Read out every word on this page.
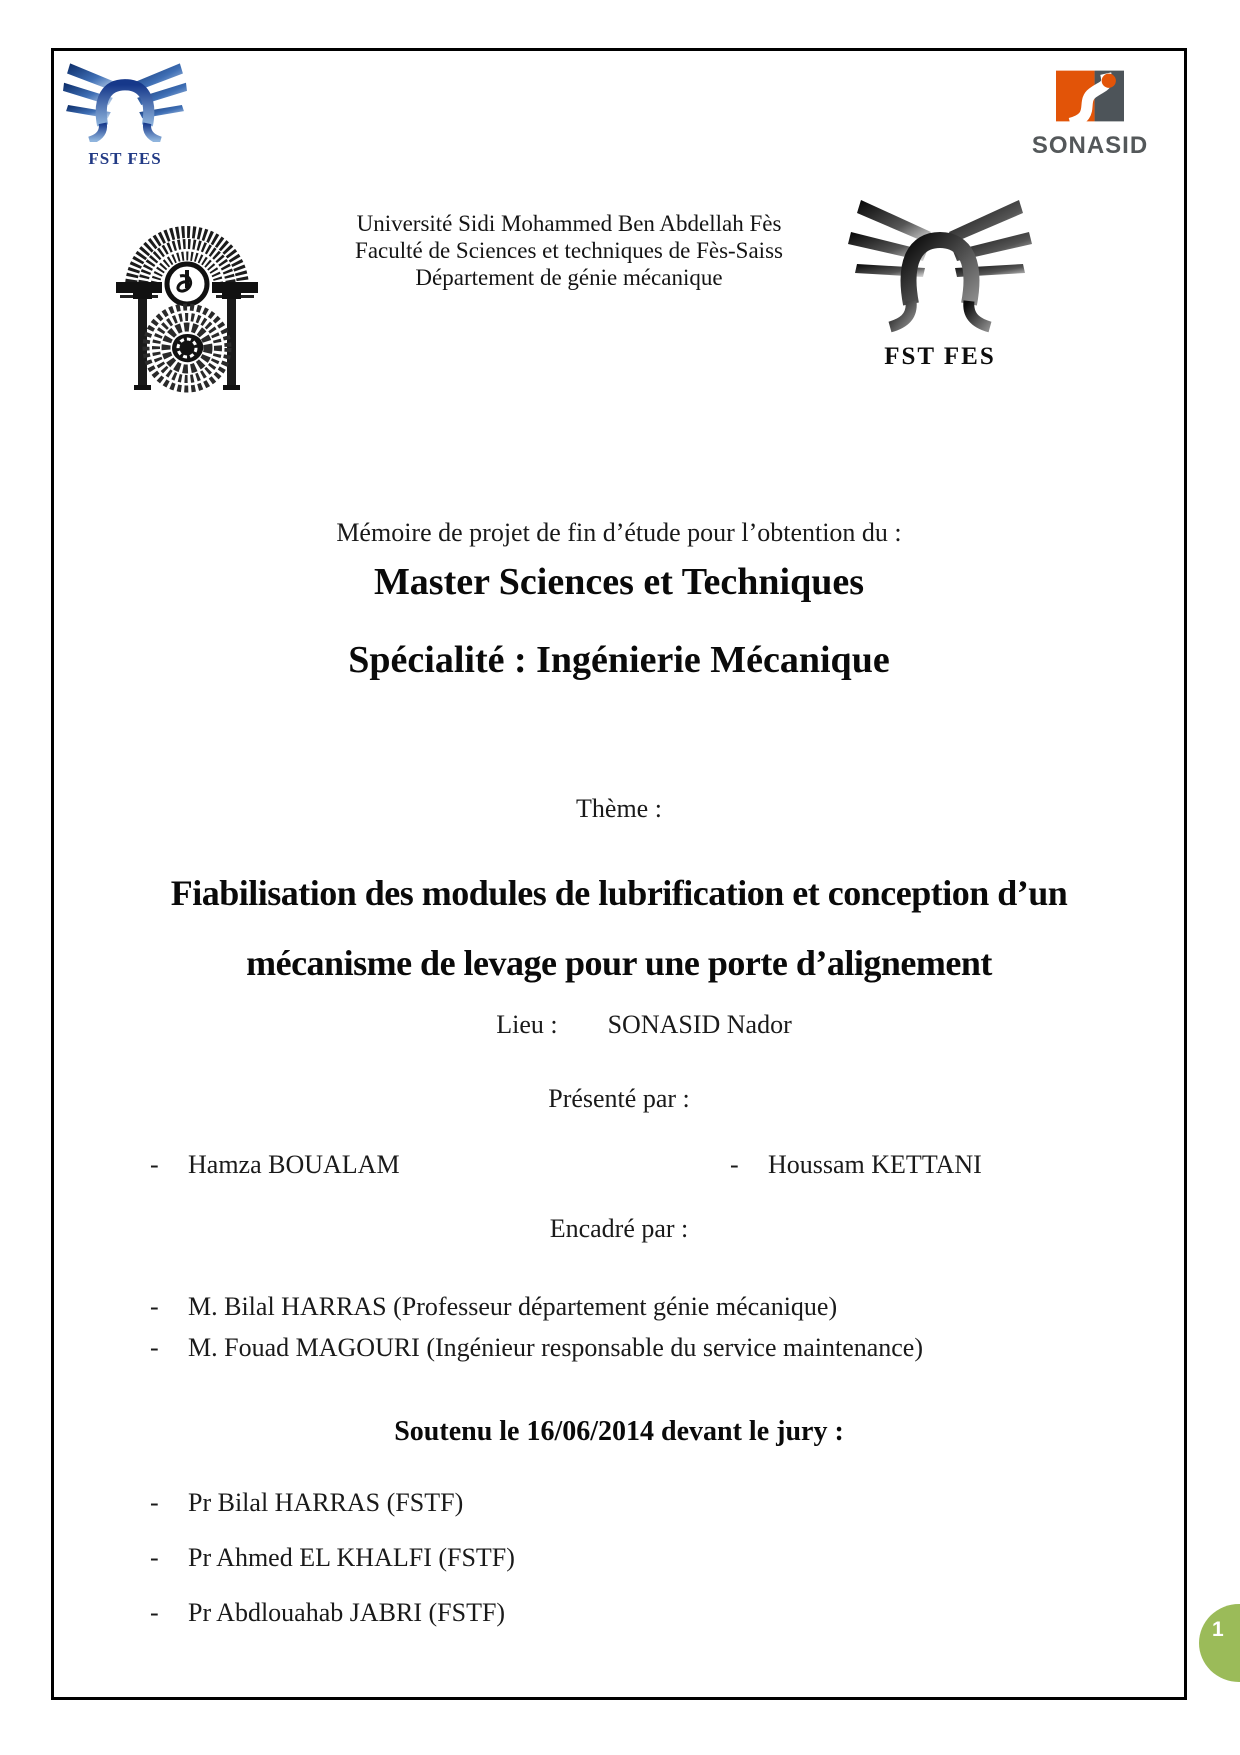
FST FES	SONASID
Université Sidi Mohammed Ben Abdellah Fès
Faculté de Sciences et techniques de Fès-Saiss
Département de génie mécanique
FST FES
Mémoire de projet de fin d’étude pour l’obtention du :
Master Sciences et Techniques
Spécialité : Ingénierie Mécanique
Thème :
Fiabilisation des modules de lubrification et conception d’un
mécanisme de levage pour une porte d’alignement
Lieu : SONASID Nador
Présenté par :
- Hamza BOUALAM	- Houssam KETTANI
Encadré par :
- M. Bilal HARRAS (Professeur département génie mécanique)
- M. Fouad MAGOURI (Ingénieur responsable du service maintenance)
Soutenu le 16/06/2014 devant le jury :
- Pr Bilal HARRAS (FSTF)
- Pr Ahmed EL KHALFI (FSTF)
- Pr Abdlouahab JABRI (FSTF)
1
